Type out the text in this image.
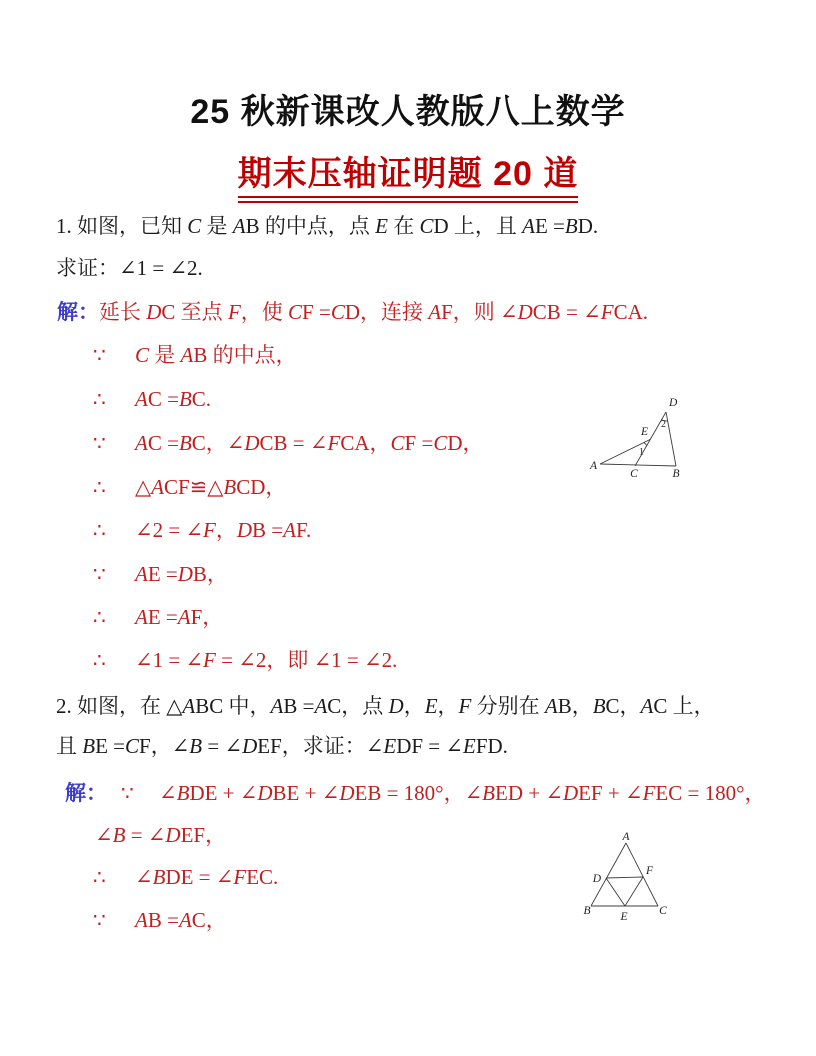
25 秋新课改人教版八上数学
期末压轴证明题 20 道
1. 如图，已知 C 是 AB 的中点，点 E 在 CD 上，且 AE =BD.
求证：∠1 = ∠2.
解：延长 DC 至点 F，使 CF =CD，连接 AF，则 ∠DCB = ∠FCA.
∵ C 是 AB 的中点，
∴ AC =BC.
∵ AC =BC，∠DCB = ∠FCA，CF =CD，
∴ △ACF≌△BCD，
∴ ∠2 = ∠F，DB =AF.
∵ AE =DB，
∴ AE =AF，
∴ ∠1 = ∠F = ∠2，即 ∠1 = ∠2.
A
C	B
D
E
1
2
2. 如图，在 △ABC 中，AB =AC，点 D，E，F 分别在 AB，BC，AC 上，
且 BE =CF，∠B = ∠DEF，求证：∠EDF = ∠EFD.
解： ∵ ∠BDE + ∠DBE + ∠DEB = 180°，∠BED + ∠DEF + ∠FEC = 180°，
∠B = ∠DEF，
∴ ∠BDE = ∠FEC.
∵ AB =AC，
A
B	C
D
E
F
